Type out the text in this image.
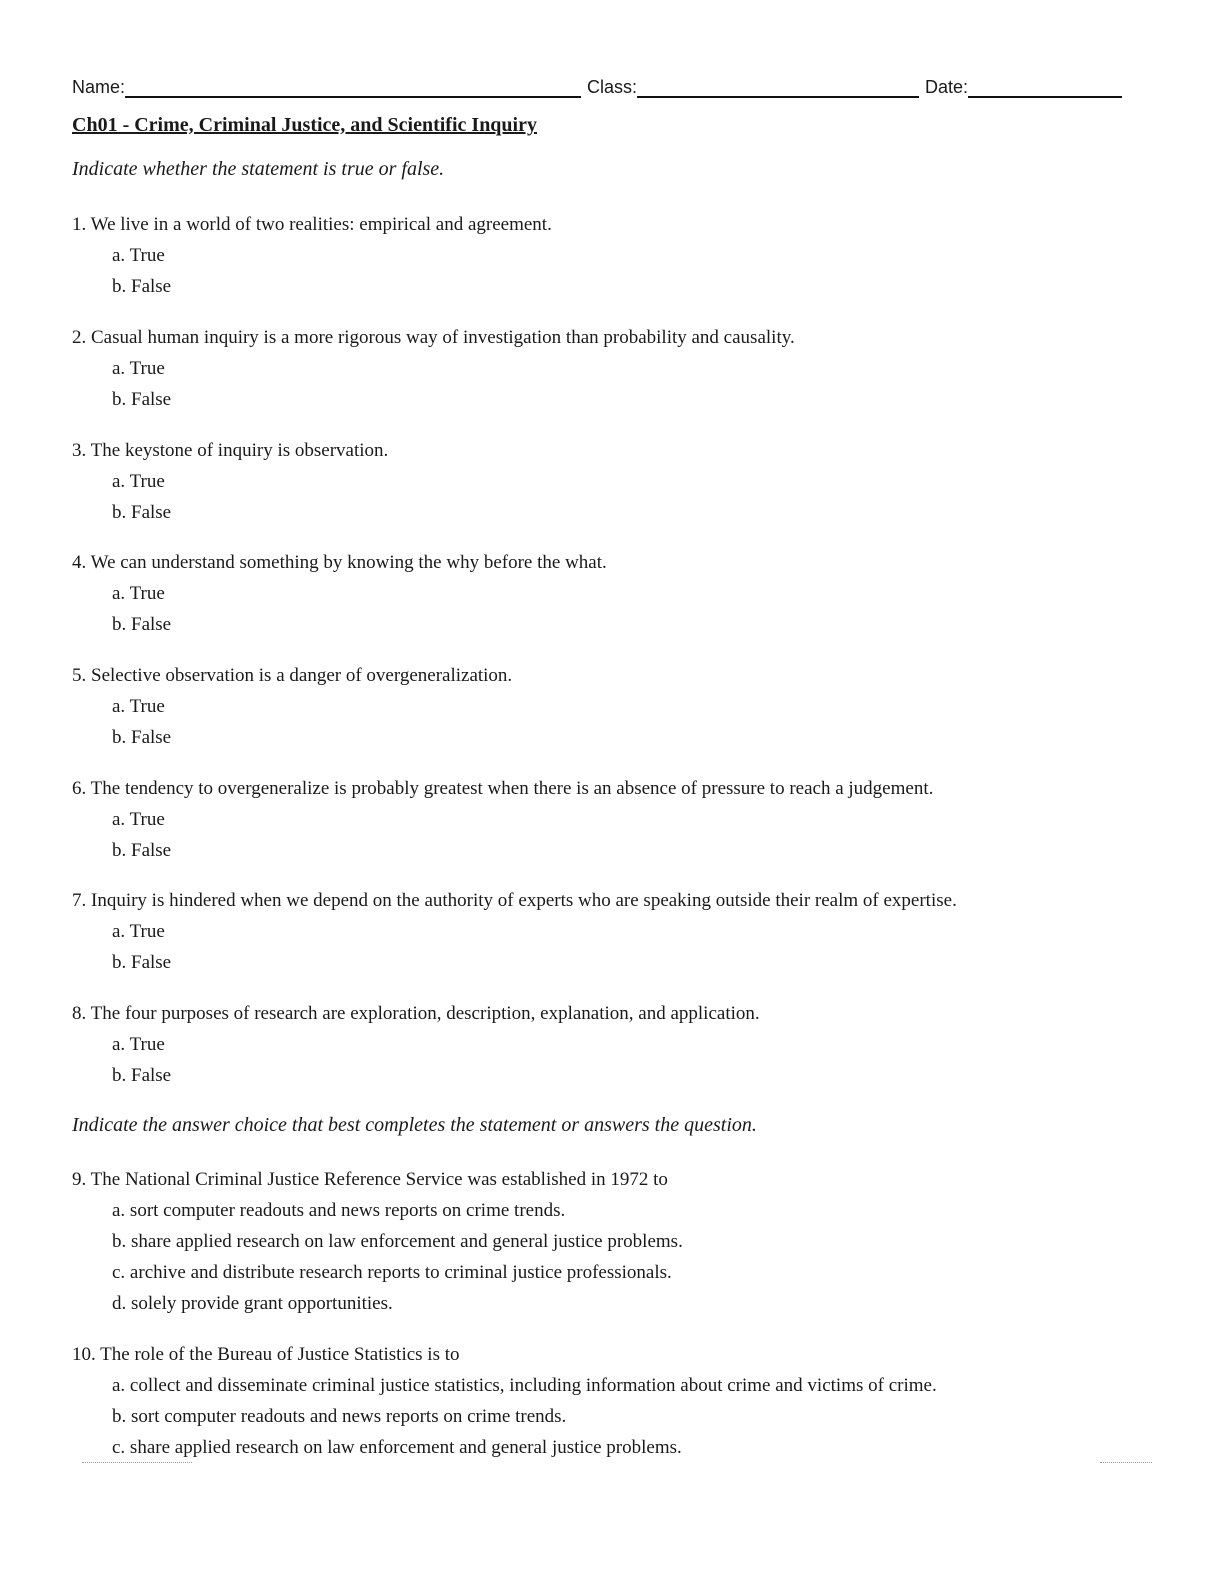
Name:	Class:	Date:
Ch01 - Crime, Criminal Justice, and Scientific Inquiry
Indicate whether the statement is true or false.
1. We live in a world of two realities: empirical and agreement.
a. True
b. False
2. Casual human inquiry is a more rigorous way of investigation than probability and causality.
a. True
b. False
3. The keystone of inquiry is observation.
a. True
b. False
4. We can understand something by knowing the why before the what.
a. True
b. False
5. Selective observation is a danger of overgeneralization.
a. True
b. False
6. The tendency to overgeneralize is probably greatest when there is an absence of pressure to reach a judgement.
a. True
b. False
7. Inquiry is hindered when we depend on the authority of experts who are speaking outside their realm of expertise.
a. True
b. False
8. The four purposes of research are exploration, description, explanation, and application.
a. True
b. False
Indicate the answer choice that best completes the statement or answers the question.
9. The National Criminal Justice Reference Service was established in 1972 to
a. sort computer readouts and news reports on crime trends.
b. share applied research on law enforcement and general justice problems.
c. archive and distribute research reports to criminal justice professionals.
d. solely provide grant opportunities.
10. The role of the Bureau of Justice Statistics is to
a. collect and disseminate criminal justice statistics, including information about crime and victims of crime.
b. sort computer readouts and news reports on crime trends.
c. share applied research on law enforcement and general justice problems.
